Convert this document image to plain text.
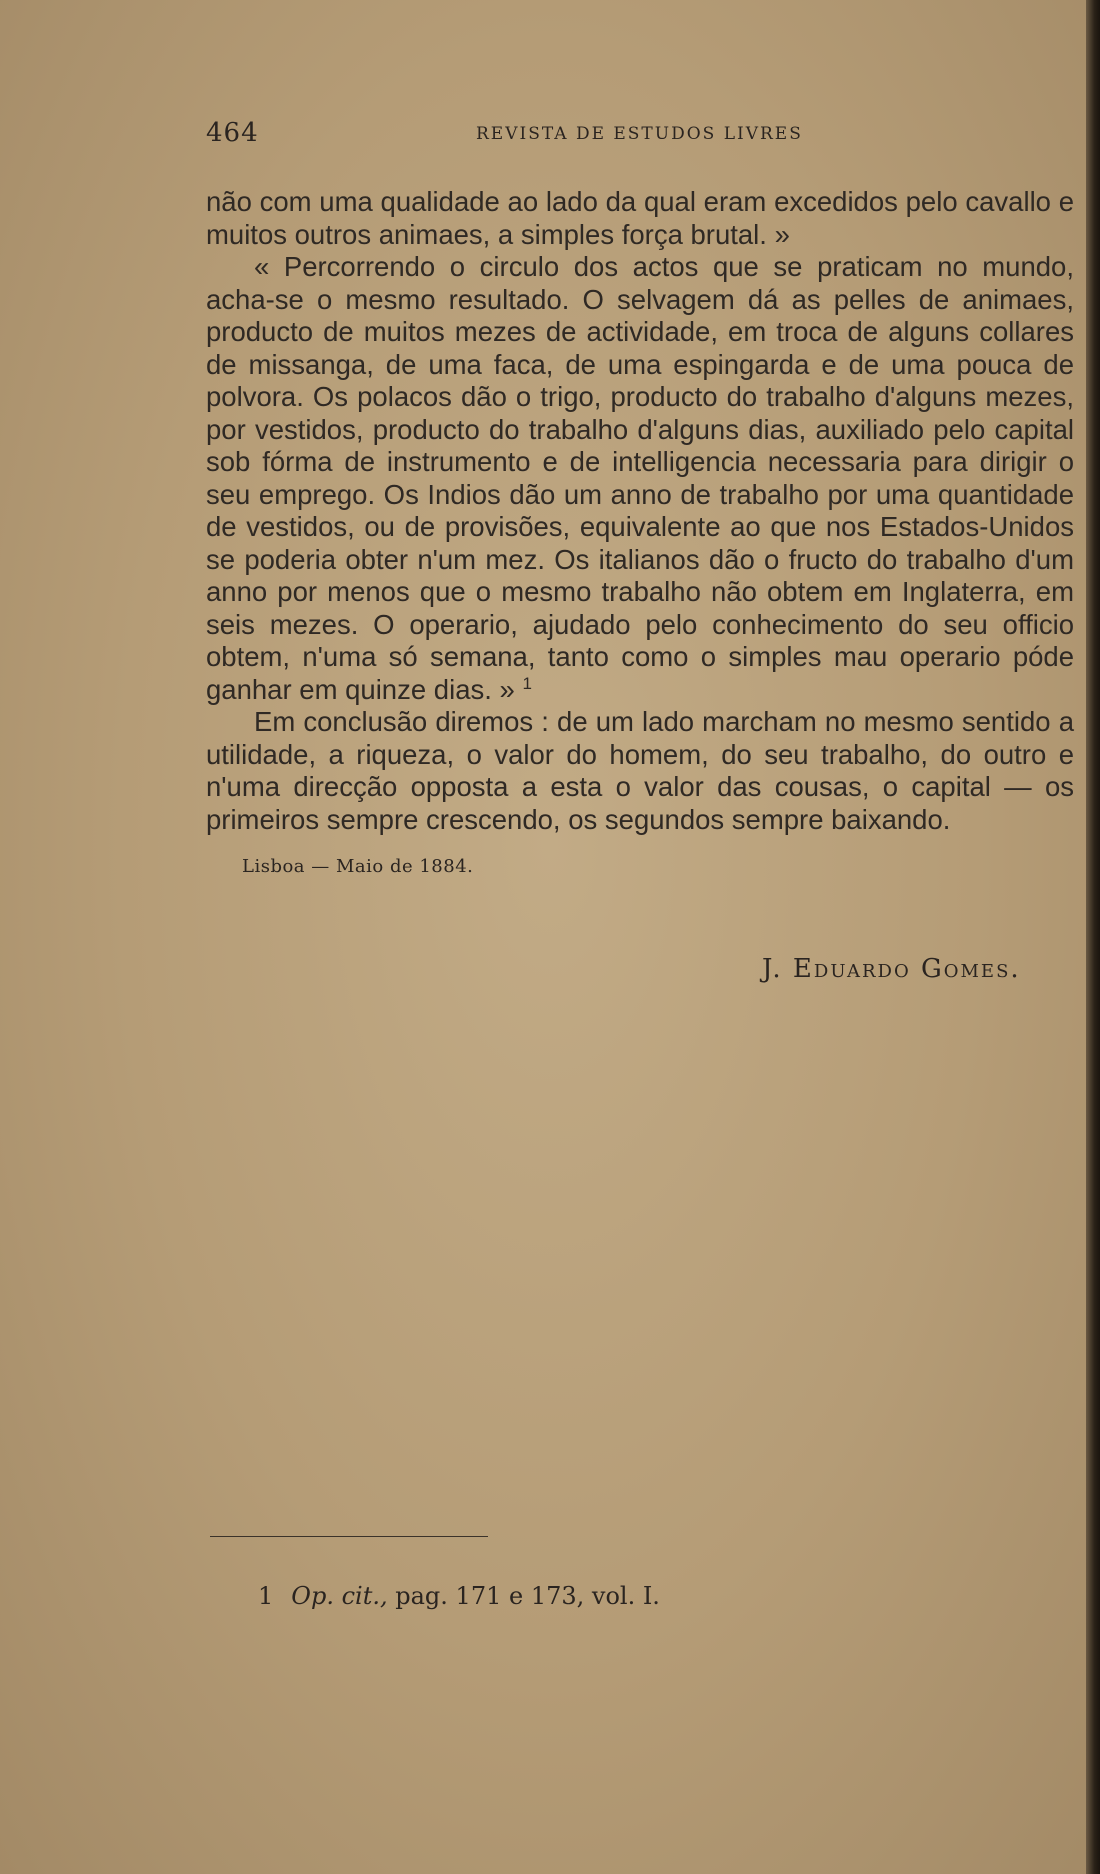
464	REVISTA DE ESTUDOS LIVRES

não com uma qualidade ao lado da qual eram excedidos pelo cavallo e muitos outros animaes, a simples força brutal. »

« Percorrendo o circulo dos actos que se praticam no mundo, acha-se o mesmo resultado. O selvagem dá as pelles de animaes, producto de muitos mezes de actividade, em troca de alguns collares de missanga, de uma faca, de uma espingarda e de uma pouca de polvora. Os polacos dão o trigo, producto do trabalho d'alguns mezes, por vestidos, producto do trabalho d'alguns dias, auxiliado pelo capital sob fórma de instrumento e de intelligencia necessaria para dirigir o seu emprego. Os Indios dão um anno de trabalho por uma quantidade de vestidos, ou de provisões, equivalente ao que nos Estados-Unidos se poderia obter n'um mez. Os italianos dão o fructo do trabalho d'um anno por menos que o mesmo trabalho não obtem em Inglaterra, em seis mezes. O operario, ajudado pelo conhecimento do seu officio obtem, n'uma só semana, tanto como o simples mau operario póde ganhar em quinze dias. » $^1$

Em conclusão diremos : de um lado marcham no mesmo sentido a utilidade, a riqueza, o valor do homem, do seu trabalho, do outro e n'uma direcção opposta a esta o valor das cousas, o capital — os primeiros sempre crescendo, os segundos sempre baixando.

Lisboa — Maio de 1884.
J. Eduardo Gomes.
1 Op. cit., pag. 171 e 173, vol. I.
